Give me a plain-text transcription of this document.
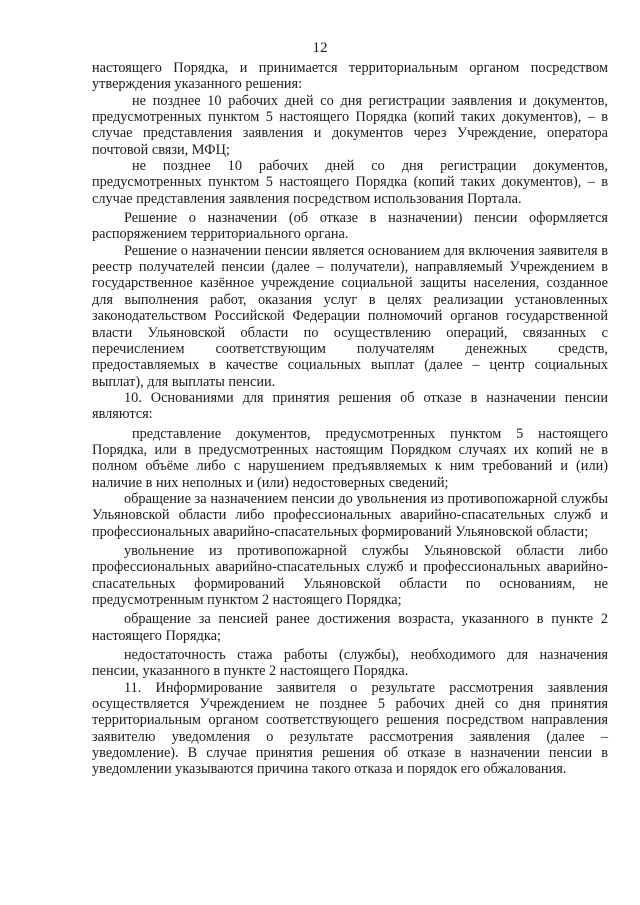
12

настоящего Порядка, и принимается территориальным органом посредством утверждения указанного решения:

не позднее 10 рабочих дней со дня регистрации заявления и документов, предусмотренных пунктом 5 настоящего Порядка (копий таких документов), – в случае представления заявления и документов через Учреждение, оператора почтовой связи, МФЦ;

не позднее 10 рабочих дней со дня регистрации документов, предусмотренных пунктом 5 настоящего Порядка (копий таких документов), – в случае представления заявления посредством использования Портала.

Решение о назначении (об отказе в назначении) пенсии оформляется распоряжением территориального органа.

Решение о назначении пенсии является основанием для включения заявителя в реестр получателей пенсии (далее – получатели), направляемый Учреждением в государственное казённое учреждение социальной защиты населения, созданное для выполнения работ, оказания услуг в целях реализации установленных законодательством Российской Федерации полномочий органов государственной власти Ульяновской области по осуществлению операций, связанных с перечислением соответствующим получателям денежных средств, предоставляемых в качестве социальных выплат (далее – центр социальных выплат), для выплаты пенсии.

10. Основаниями для принятия решения об отказе в назначении пенсии являются:

представление документов, предусмотренных пунктом 5 настоящего Порядка, или в предусмотренных настоящим Порядком случаях их копий не в полном объёме либо с нарушением предъявляемых к ним требований и (или) наличие в них неполных и (или) недостоверных сведений;

обращение за назначением пенсии до увольнения из противопожарной службы Ульяновской области либо профессиональных аварийно-спасательных служб и профессиональных аварийно-спасательных формирований Ульяновской области;

увольнение из противопожарной службы Ульяновской области либо профессиональных аварийно-спасательных служб и профессиональных аварийно-спасательных формирований Ульяновской области по основаниям, не предусмотренным пунктом 2 настоящего Порядка;

обращение за пенсией ранее достижения возраста, указанного в пункте 2 настоящего Порядка;

недостаточность стажа работы (службы), необходимого для назначения пенсии, указанного в пункте 2 настоящего Порядка.

11. Информирование заявителя о результате рассмотрения заявления осуществляется Учреждением не позднее 5 рабочих дней со дня принятия территориальным органом соответствующего решения посредством направления заявителю уведомления о результате рассмотрения заявления (далее – уведомление). В случае принятия решения об отказе в назначении пенсии в уведомлении указываются причина такого отказа и порядок его обжалования.
